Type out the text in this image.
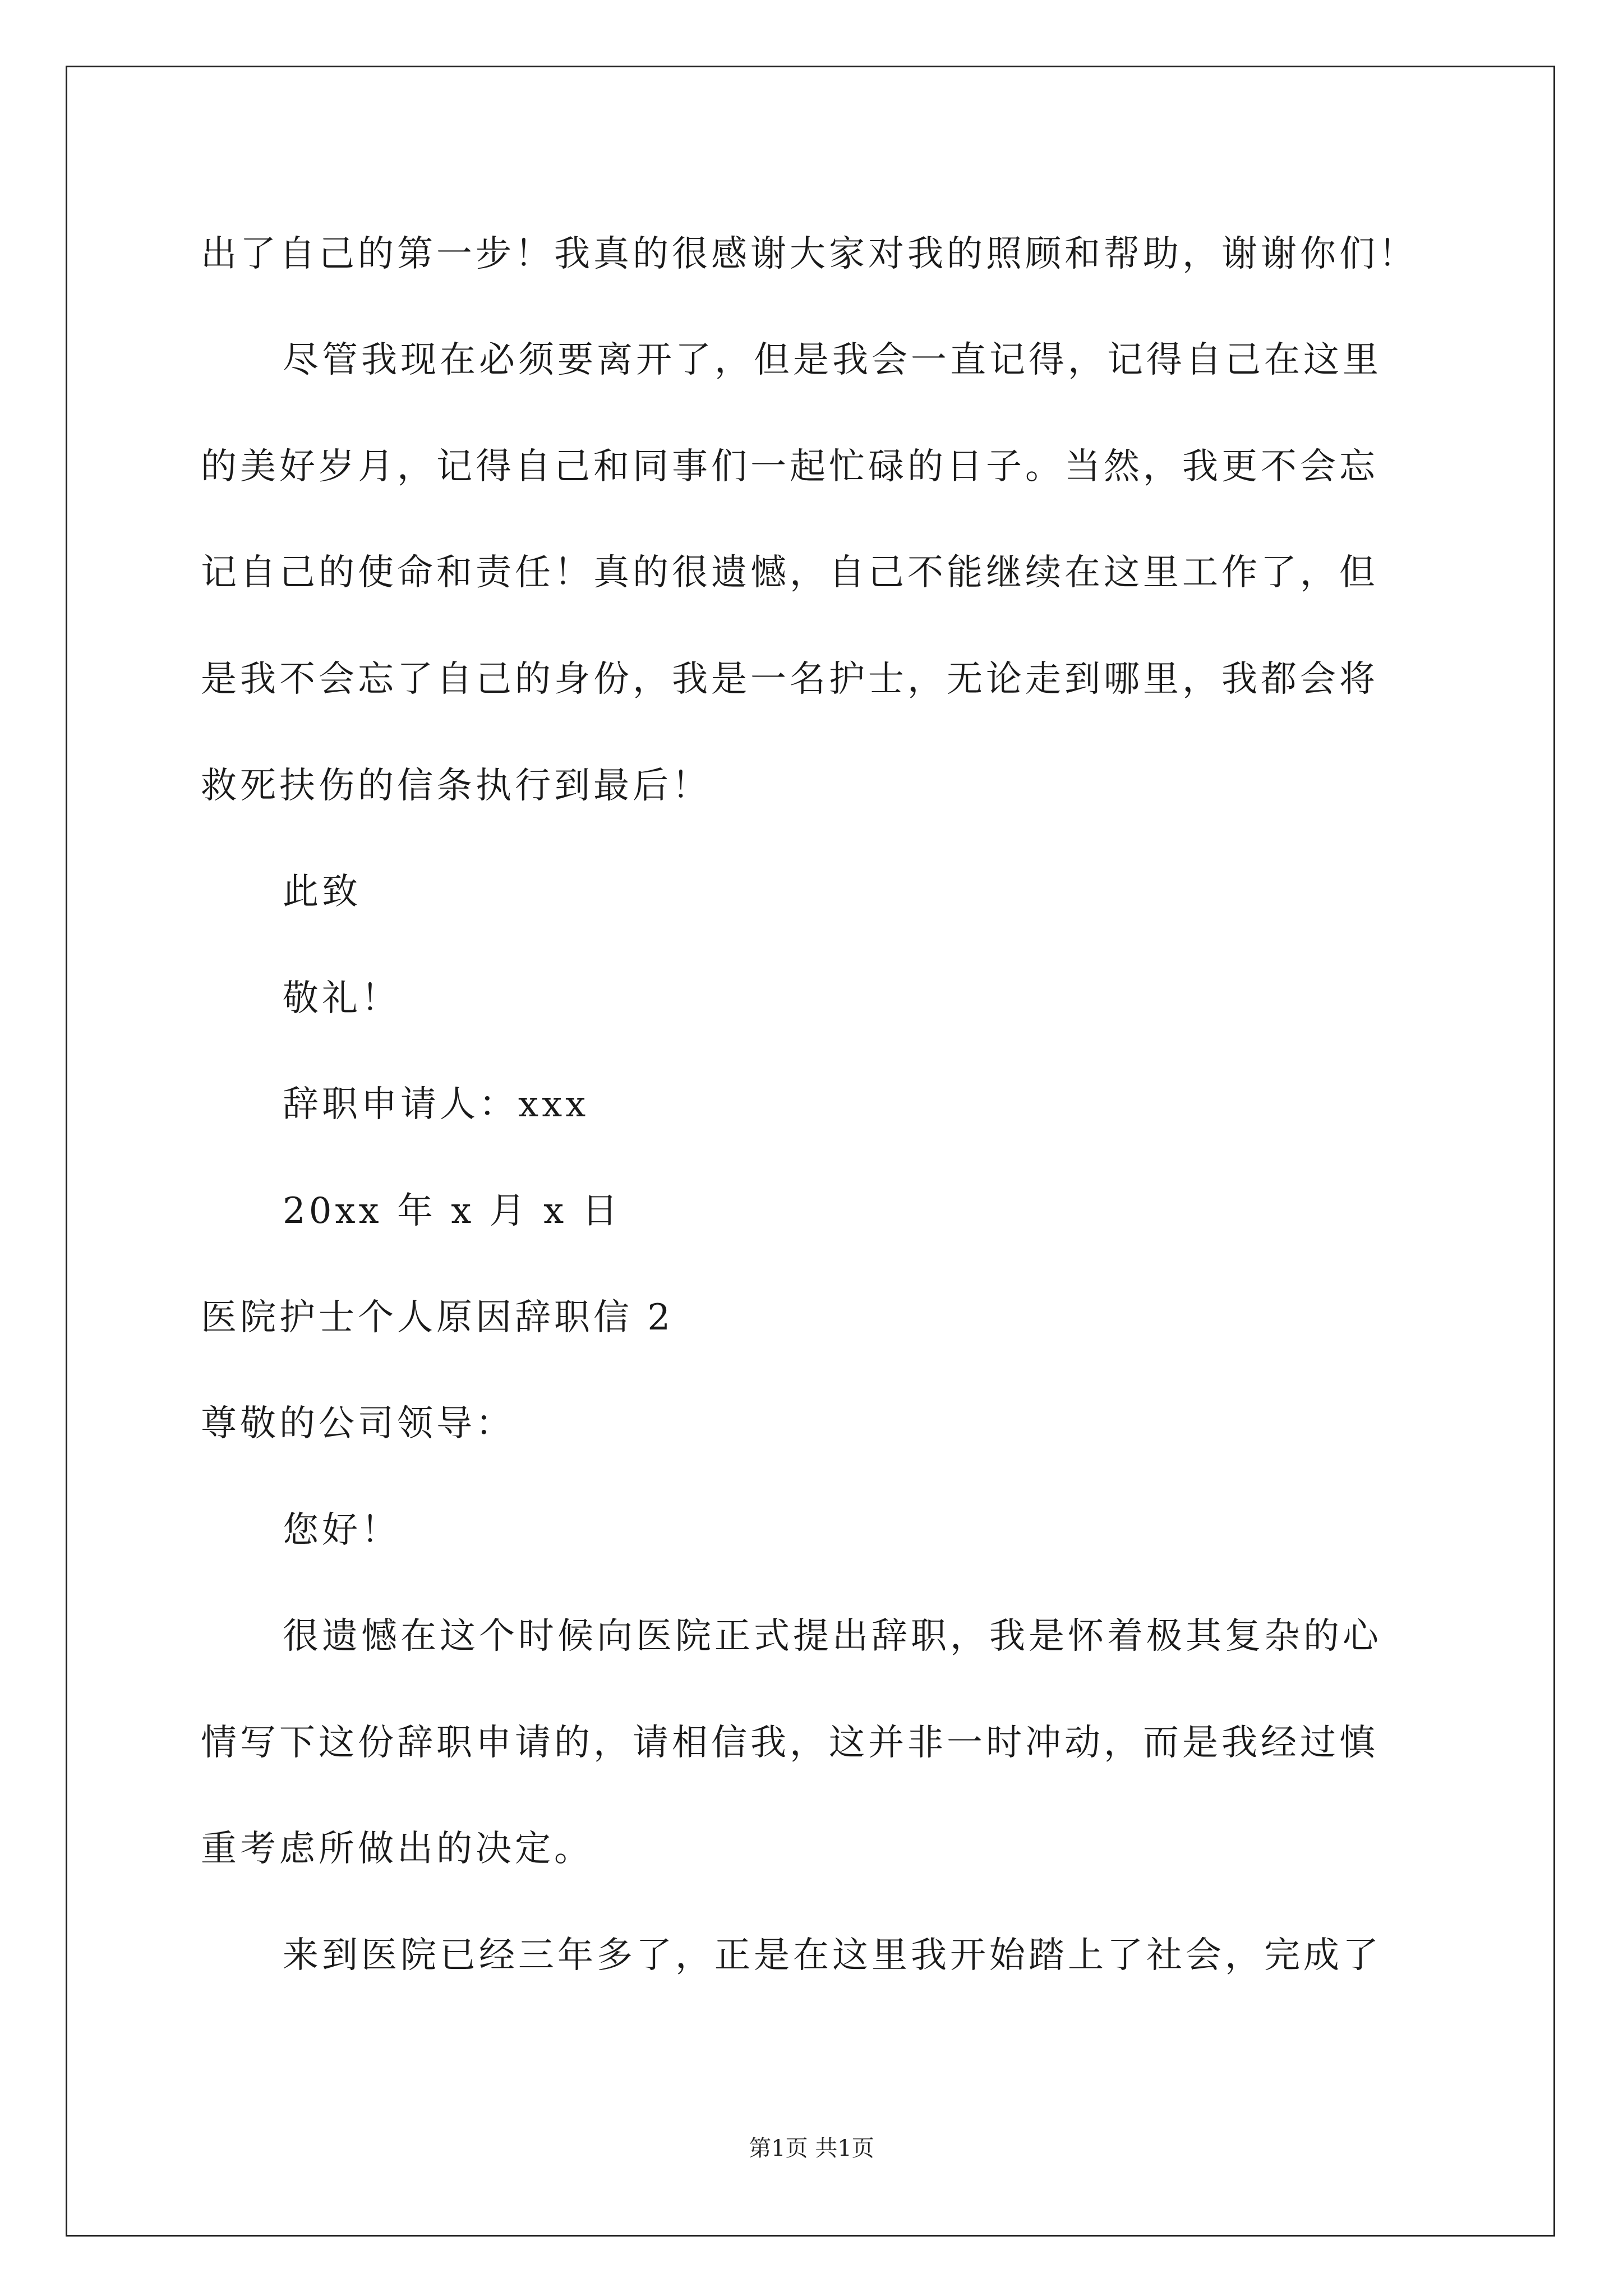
出了自己的第一步！我真的很感谢大家对我的照顾和帮助，谢谢你们！
尽管我现在必须要离开了，但是我会一直记得，记得自己在这里
的美好岁月，记得自己和同事们一起忙碌的日子。当然，我更不会忘
记自己的使命和责任！真的很遗憾，自己不能继续在这里工作了，但
是我不会忘了自己的身份，我是一名护士，无论走到哪里，我都会将
救死扶伤的信条执行到最后！
此致
敬礼！
辞职申请人：xxx
20xx 年 x 月 x 日
医院护士个人原因辞职信 2
尊敬的公司领导：
您好！
很遗憾在这个时候向医院正式提出辞职，我是怀着极其复杂的心
情写下这份辞职申请的，请相信我，这并非一时冲动，而是我经过慎
重考虑所做出的决定。
来到医院已经三年多了，正是在这里我开始踏上了社会，完成了
第1页 共1页
